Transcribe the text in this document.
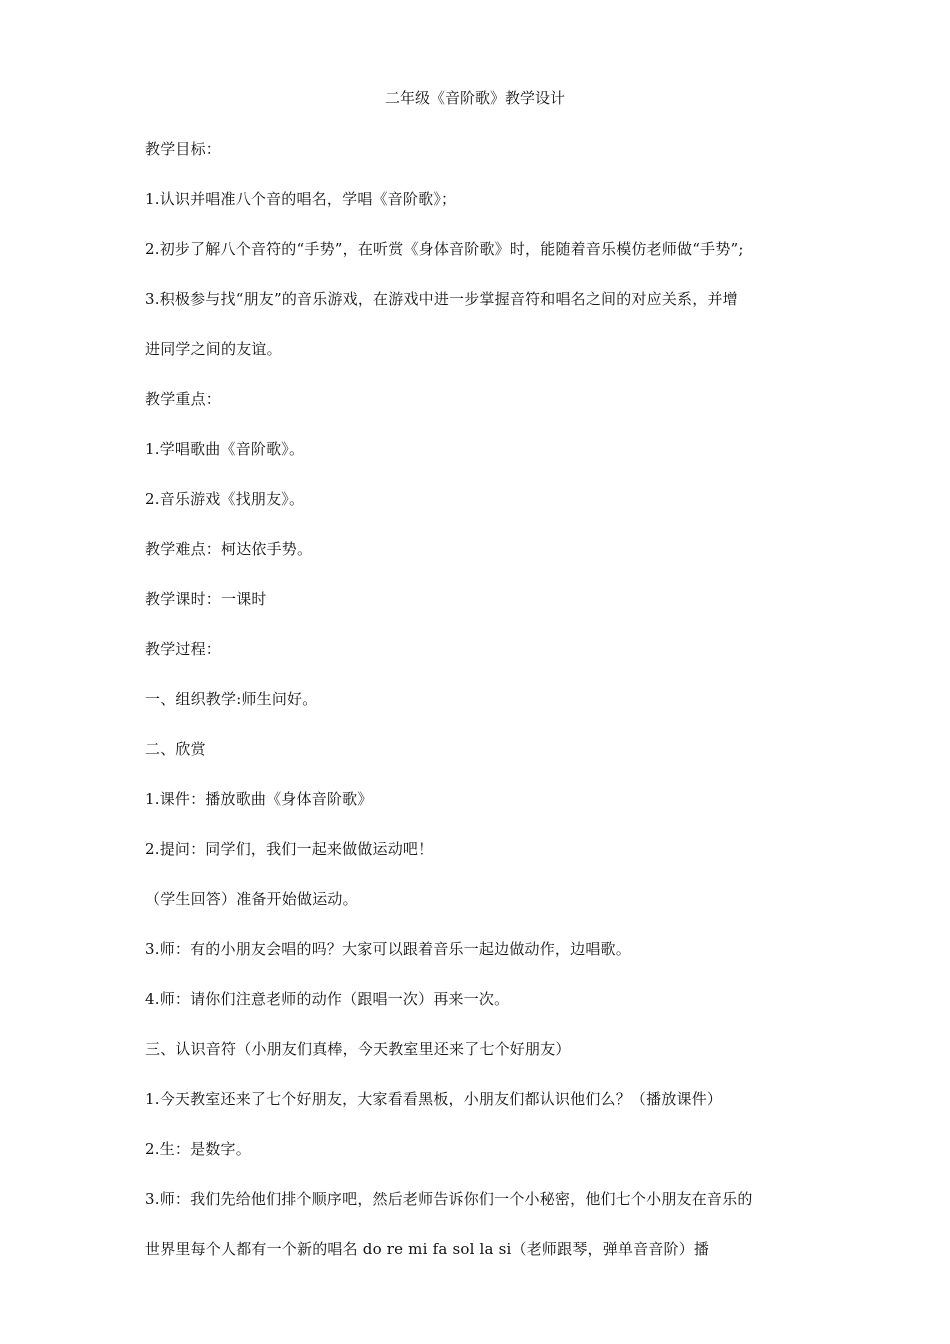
二年级《音阶歌》教学设计
教学目标：
1.认识并唱准八个音的唱名，学唱《音阶歌》；
2.初步了解八个音符的“手势”，在听赏《身体音阶歌》时，能随着音乐模仿老师做“手势”;
3.积极参与找“朋友”的音乐游戏，在游戏中进一步掌握音符和唱名之间的对应关系，并增
进同学之间的友谊。
教学重点：
1.学唱歌曲《音阶歌》。
2.音乐游戏《找朋友》。
教学难点：柯达依手势。
教学课时：一课时
教学过程：
一、组织教学:师生问好。
二、欣赏
1.课件：播放歌曲《身体音阶歌》
2.提问：同学们，我们一起来做做运动吧！
（学生回答）准备开始做运动。
3.师：有的小朋友会唱的吗？大家可以跟着音乐一起边做动作，边唱歌。
4.师：请你们注意老师的动作（跟唱一次）再来一次。
三、认识音符（小朋友们真棒，今天教室里还来了七个好朋友）
1.今天教室还来了七个好朋友，大家看看黑板，小朋友们都认识他们么？（播放课件）
2.生：是数字。
3.师：我们先给他们排个顺序吧，然后老师告诉你们一个小秘密，他们七个小朋友在音乐的
世界里每个人都有一个新的唱名 do re mi fa sol la si（老师跟琴，弹单音音阶）播
